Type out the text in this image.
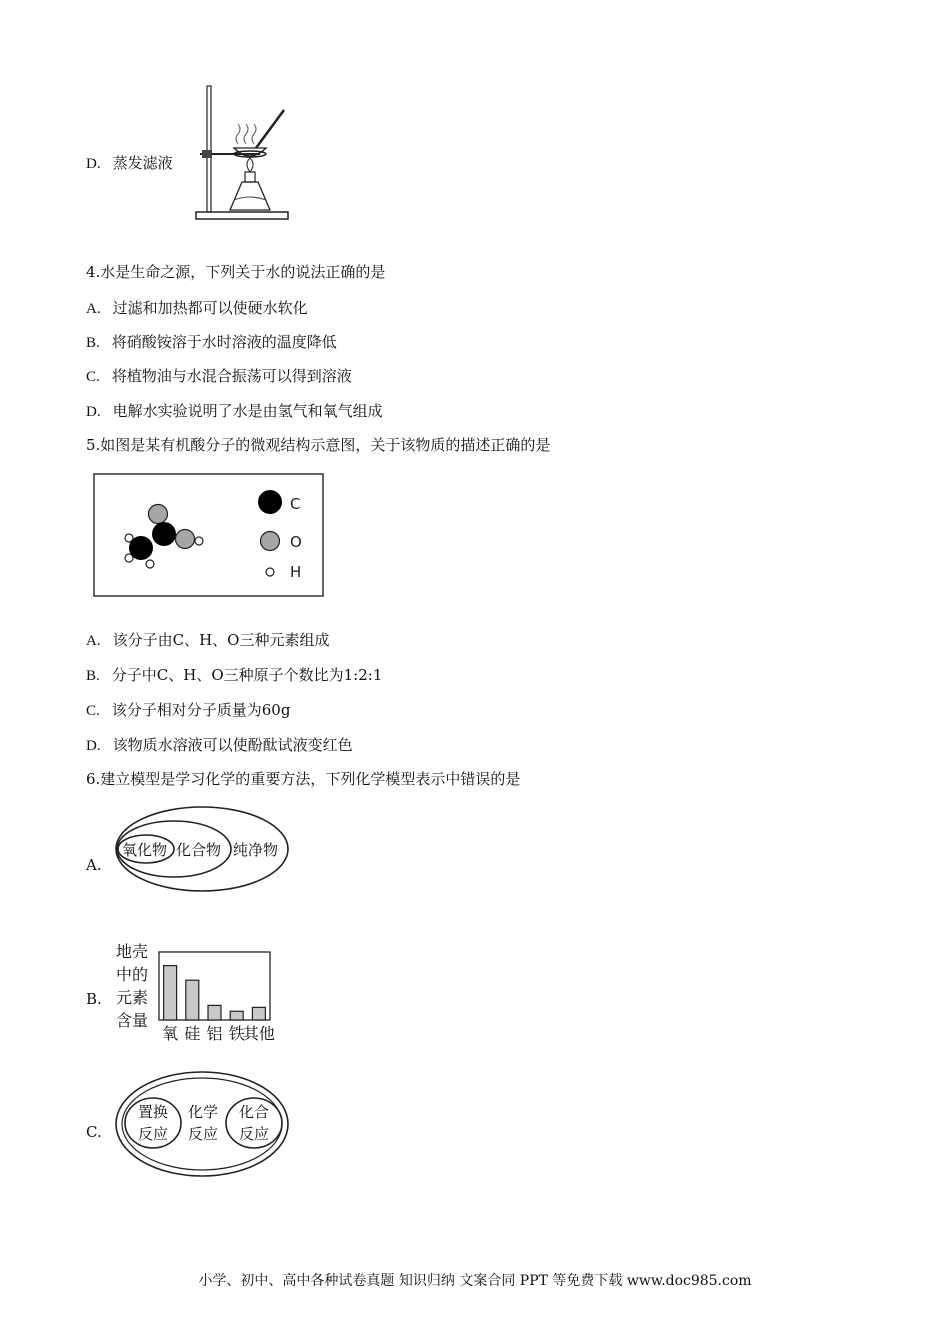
D. 蒸发滤液
4.水是生命之源，下列关于水的说法正确的是
A. 过滤和加热都可以使硬水软化
B. 将硝酸铵溶于水时溶液的温度降低
C. 将植物油与水混合振荡可以得到溶液
D. 电解水实验说明了水是由氢气和氧气组成
5.如图是某有机酸分子的微观结构示意图，关于该物质的描述正确的是
C
O
H
A. 该分子由C、H、O三种元素组成
B. 分子中C、H、O三种原子个数比为1:2:1
C. 该分子相对分子质量为60g
D. 该物质水溶液可以使酚酞试液变红色
6.建立模型是学习化学的重要方法，下列化学模型表示中错误的是
A.
氧化物 化合物 纯净物
B.
地壳
中的
元素
含量
氧 硅 铝 铁
其他
C.
置换
反应
化学
反应
化合
反应
小学、初中、高中各种试卷真题 知识归纳 文案合同 PPT 等免费下载 www.doc985.com
